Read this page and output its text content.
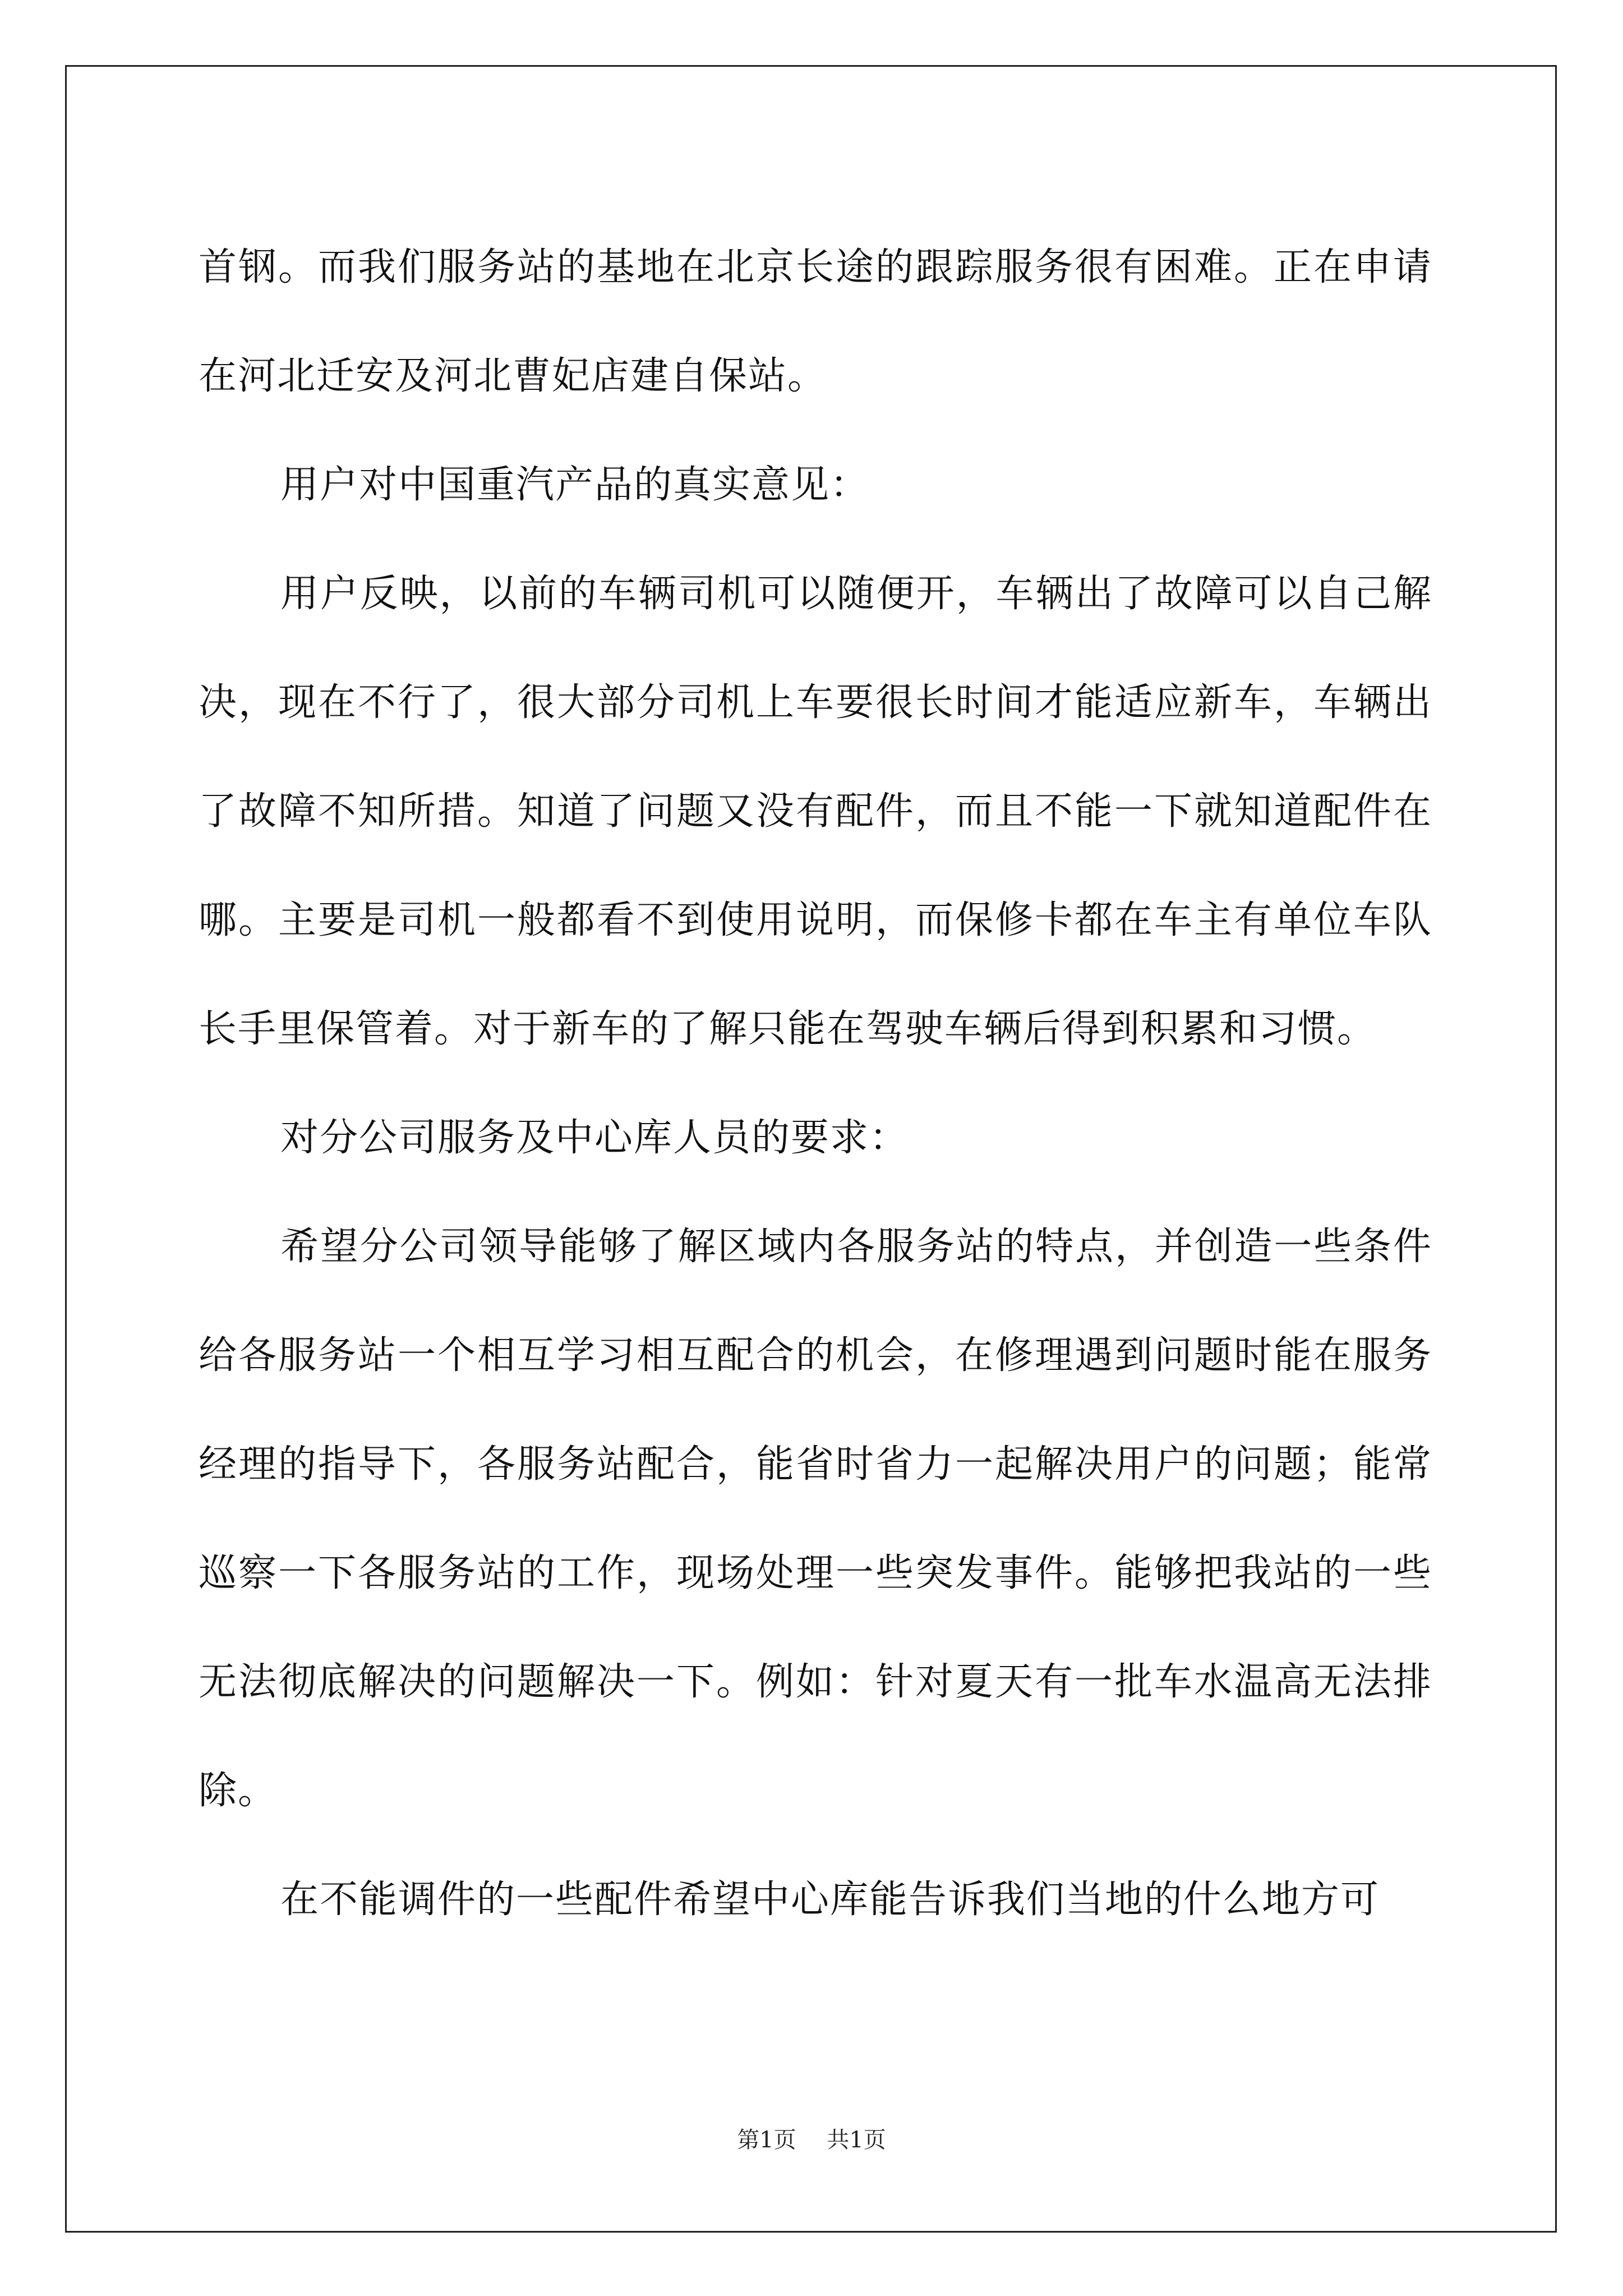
首钢。而我们服务站的基地在北京长途的跟踪服务很有困难。正在申请在河北迁安及河北曹妃店建自保站。

用户对中国重汽产品的真实意见：

用户反映，以前的车辆司机可以随便开，车辆出了故障可以自己解决，现在不行了，很大部分司机上车要很长时间才能适应新车，车辆出了故障不知所措。知道了问题又没有配件，而且不能一下就知道配件在哪。主要是司机一般都看不到使用说明，而保修卡都在车主有单位车队长手里保管着。对于新车的了解只能在驾驶车辆后得到积累和习惯。

对分公司服务及中心库人员的要求：

希望分公司领导能够了解区域内各服务站的特点，并创造一些条件给各服务站一个相互学习相互配合的机会，在修理遇到问题时能在服务经理的指导下，各服务站配合，能省时省力一起解决用户的问题；能常巡察一下各服务站的工作，现场处理一些突发事件。能够把我站的一些无法彻底解决的问题解决一下。例如：针对夏天有一批车水温高无法排除。

在不能调件的一些配件希望中心库能告诉我们当地的什么地方可

第1页 共1页
